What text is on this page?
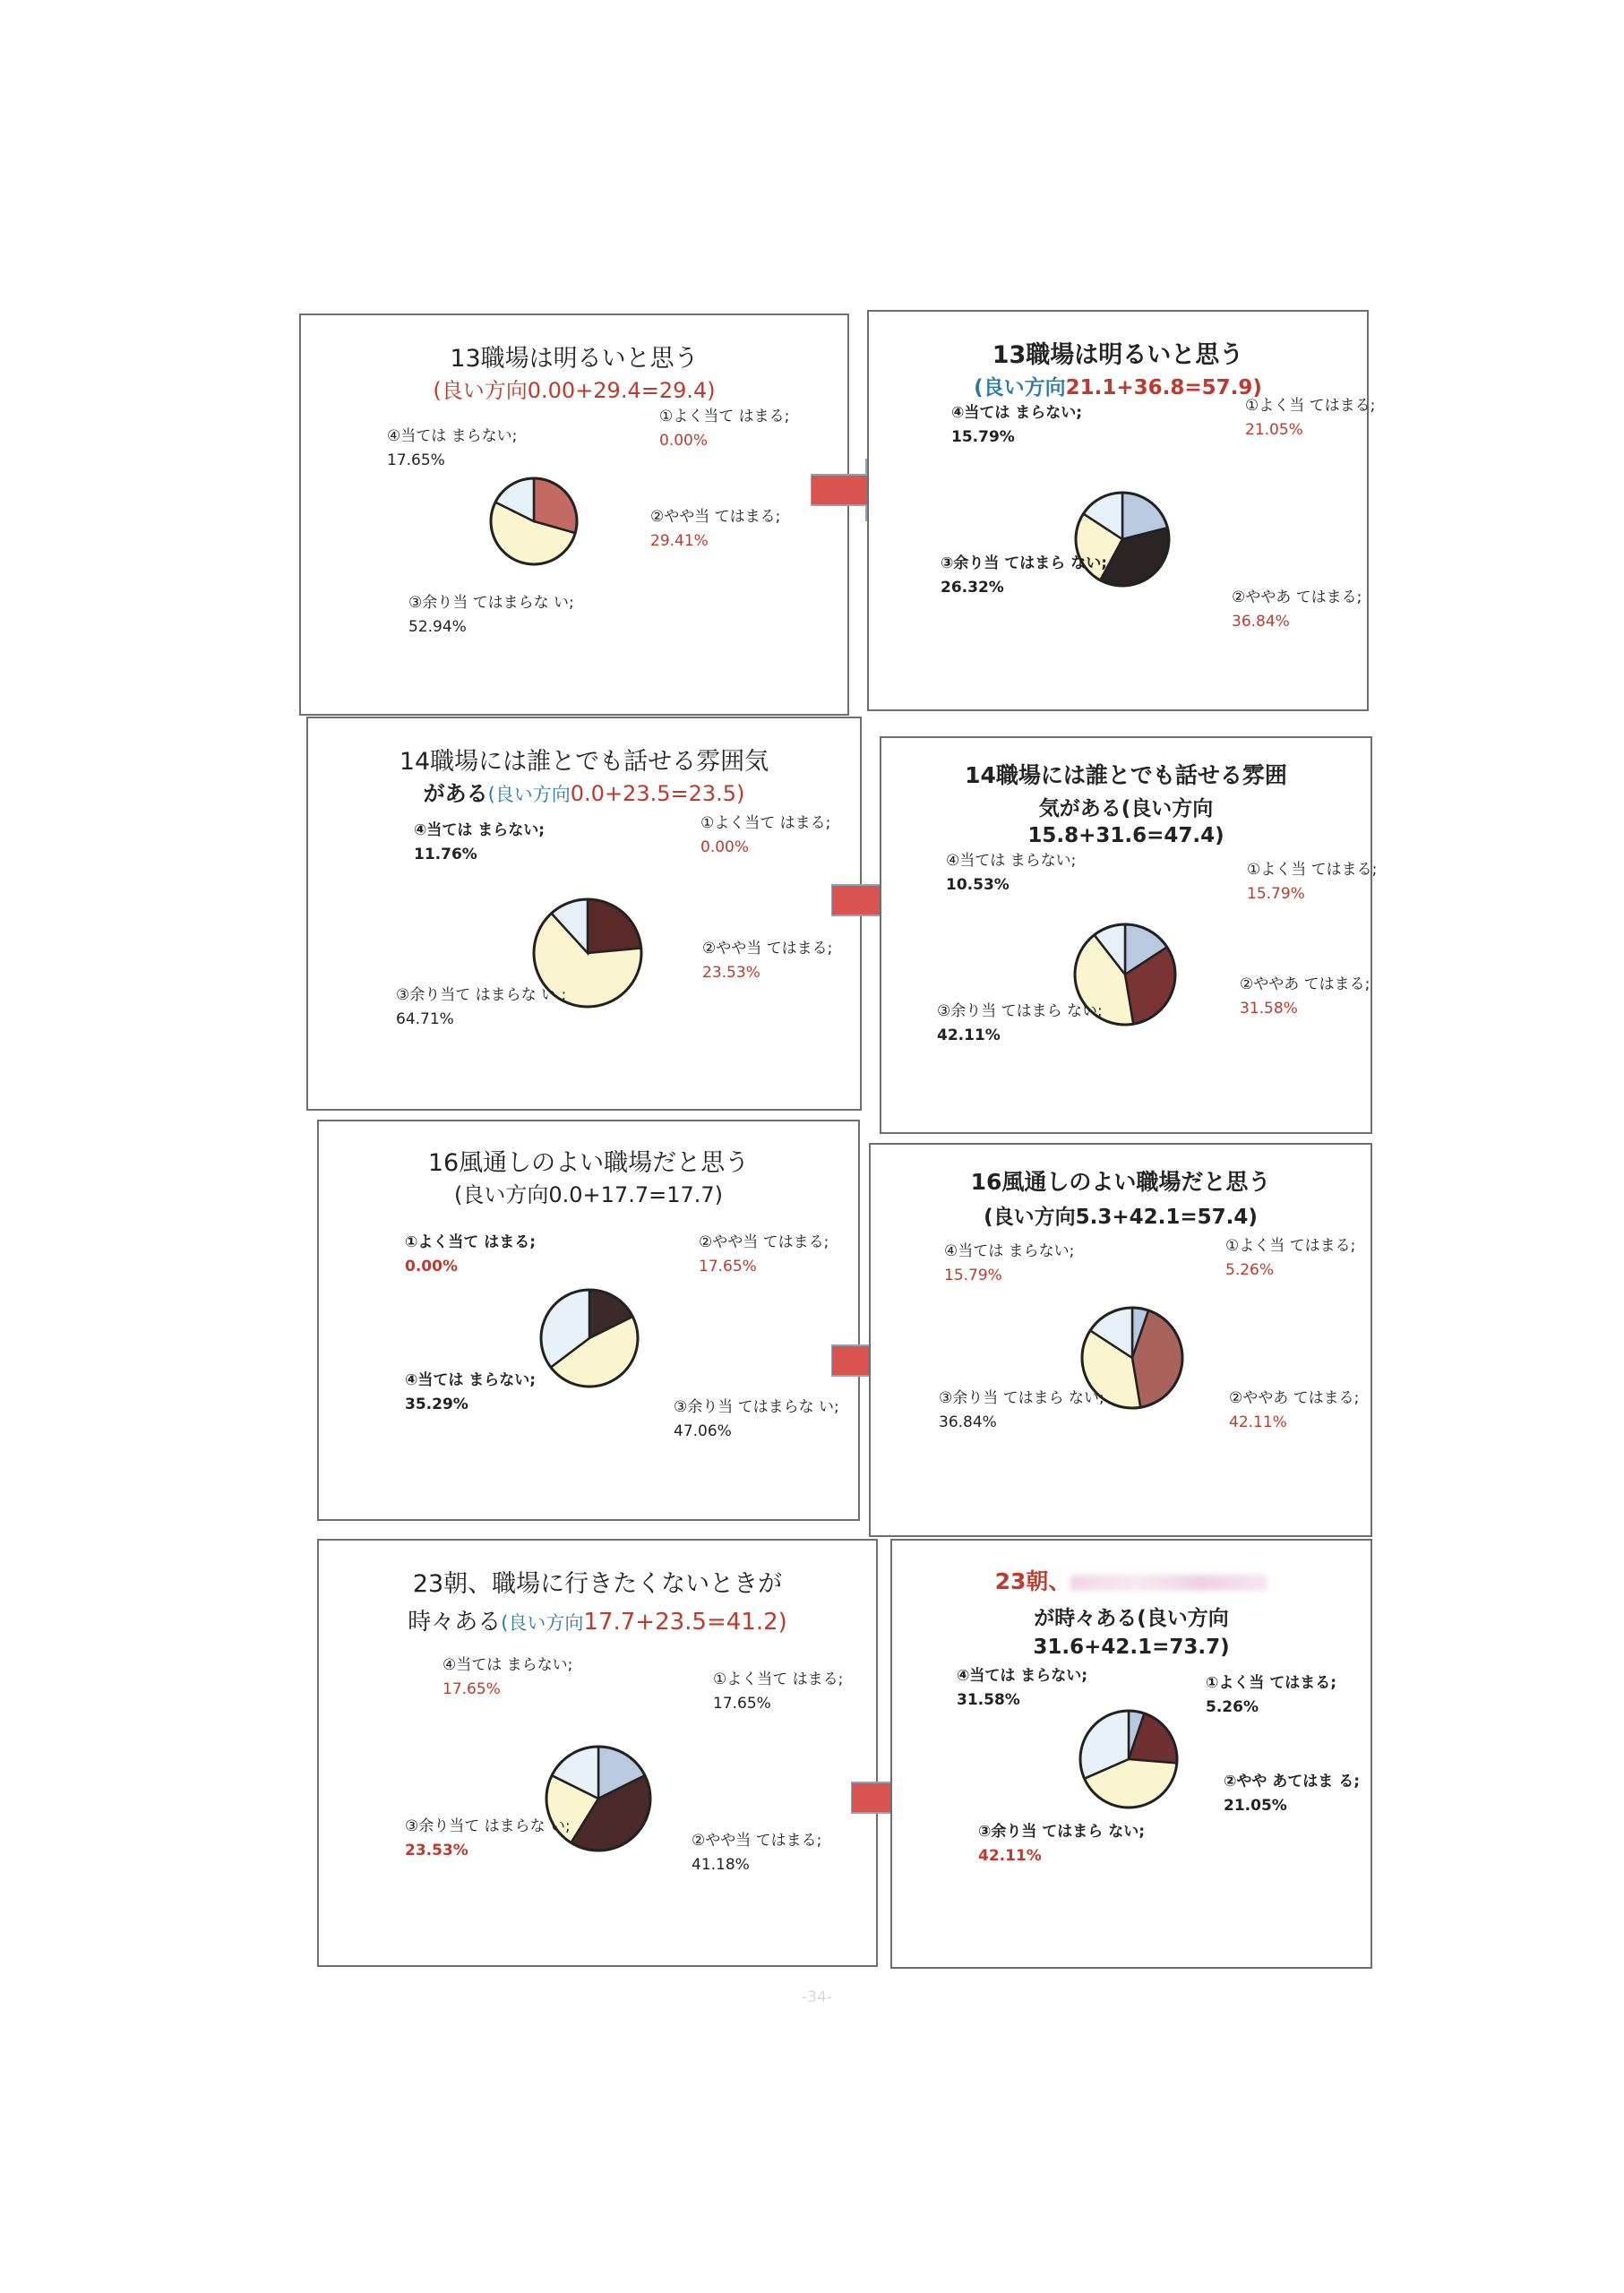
13職場は明るいと思う
(良い方向0.00+29.4=29.4)
④当ては まらない;
17.65%
①よく当て はまる;
0.00%
②やや当 てはまる;
29.41%
③余り当 てはまらな い;
52.94%
13職場は明るいと思う
(良い方向21.1+36.8=57.9)
④当ては まらない;
15.79%
①よく当 てはまる;
21.05%
③余り当 てはまら ない;
26.32%
②ややあ てはまる;
36.84%
14職場には誰とでも話せる雰囲気
がある(良い方向0.0+23.5=23.5)
④当ては まらない;
11.76%
①よく当て はまる;
0.00%
②やや当 てはまる;
23.53%
③余り当て はまらな い.;
64.71%
14職場には誰とでも話せる雰囲
気がある(良い方向
15.8+31.6=47.4)
④当ては まらない;
10.53%
①よく当 てはまる;
15.79%
③余り当 てはまら ない;
42.11%
②ややあ てはまる;
31.58%
16風通しのよい職場だと思う
(良い方向0.0+17.7=17.7)
①よく当て はまる;
0.00%
②やや当 てはまる;
17.65%
④当ては まらない;
35.29%	③余り当 てはまらな い;
47.06%
16風通しのよい職場だと思う
(良い方向5.3+42.1=57.4)
④当ては まらない;
15.79%
①よく当 てはまる;
5.26%
③余り当 てはまら ない;
36.84%
②ややあ てはまる;
42.11%
23朝、職場に行きたくないときが
時々ある(良い方向17.7+23.5=41.2)
④当ては まらない;
17.65%
①よく当て はまる;
17.65%
③余り当て はまらな い;
23.53%
②やや当 てはまる;
41.18%
23朝、
が時々ある(良い方向
31.6+42.1=73.7)
④当ては まらない;
31.58%
①よく当 てはまる;
5.26%
③余り当 てはまら ない;
42.11%
②やや あてはま る;
21.05%
-34-
